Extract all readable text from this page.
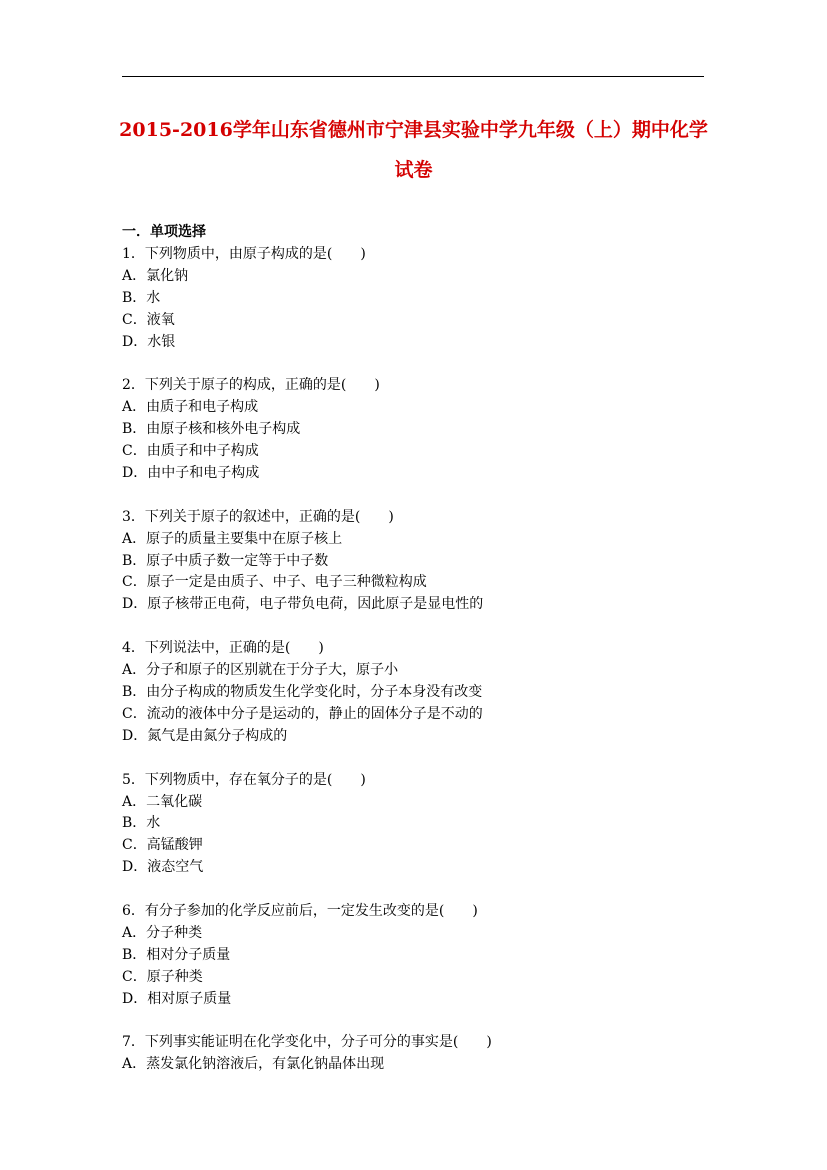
2015-2016学年山东省德州市宁津县实验中学九年级（上）期中化学
试卷

一．单项选择

1．下列物质中，由原子构成的是(　　)

A．氯化钠

B．水

C．液氧

D．水银

2．下列关于原子的构成，正确的是(　　)

A．由质子和电子构成

B．由原子核和核外电子构成

C．由质子和中子构成

D．由中子和电子构成

3．下列关于原子的叙述中，正确的是(　　)

A．原子的质量主要集中在原子核上

B．原子中质子数一定等于中子数

C．原子一定是由质子、中子、电子三种微粒构成

D．原子核带正电荷，电子带负电荷，因此原子是显电性的

4．下列说法中，正确的是(　　)

A．分子和原子的区别就在于分子大，原子小

B．由分子构成的物质发生化学变化时，分子本身没有改变

C．流动的液体中分子是运动的，静止的固体分子是不动的

D．氮气是由氮分子构成的

5．下列物质中，存在氧分子的是(　　)

A．二氧化碳

B．水

C．高锰酸钾

D．液态空气

6．有分子参加的化学反应前后，一定发生改变的是(　　)

A．分子种类

B．相对分子质量

C．原子种类

D．相对原子质量

7．下列事实能证明在化学变化中，分子可分的事实是(　　)

A．蒸发氯化钠溶液后，有氯化钠晶体出现
